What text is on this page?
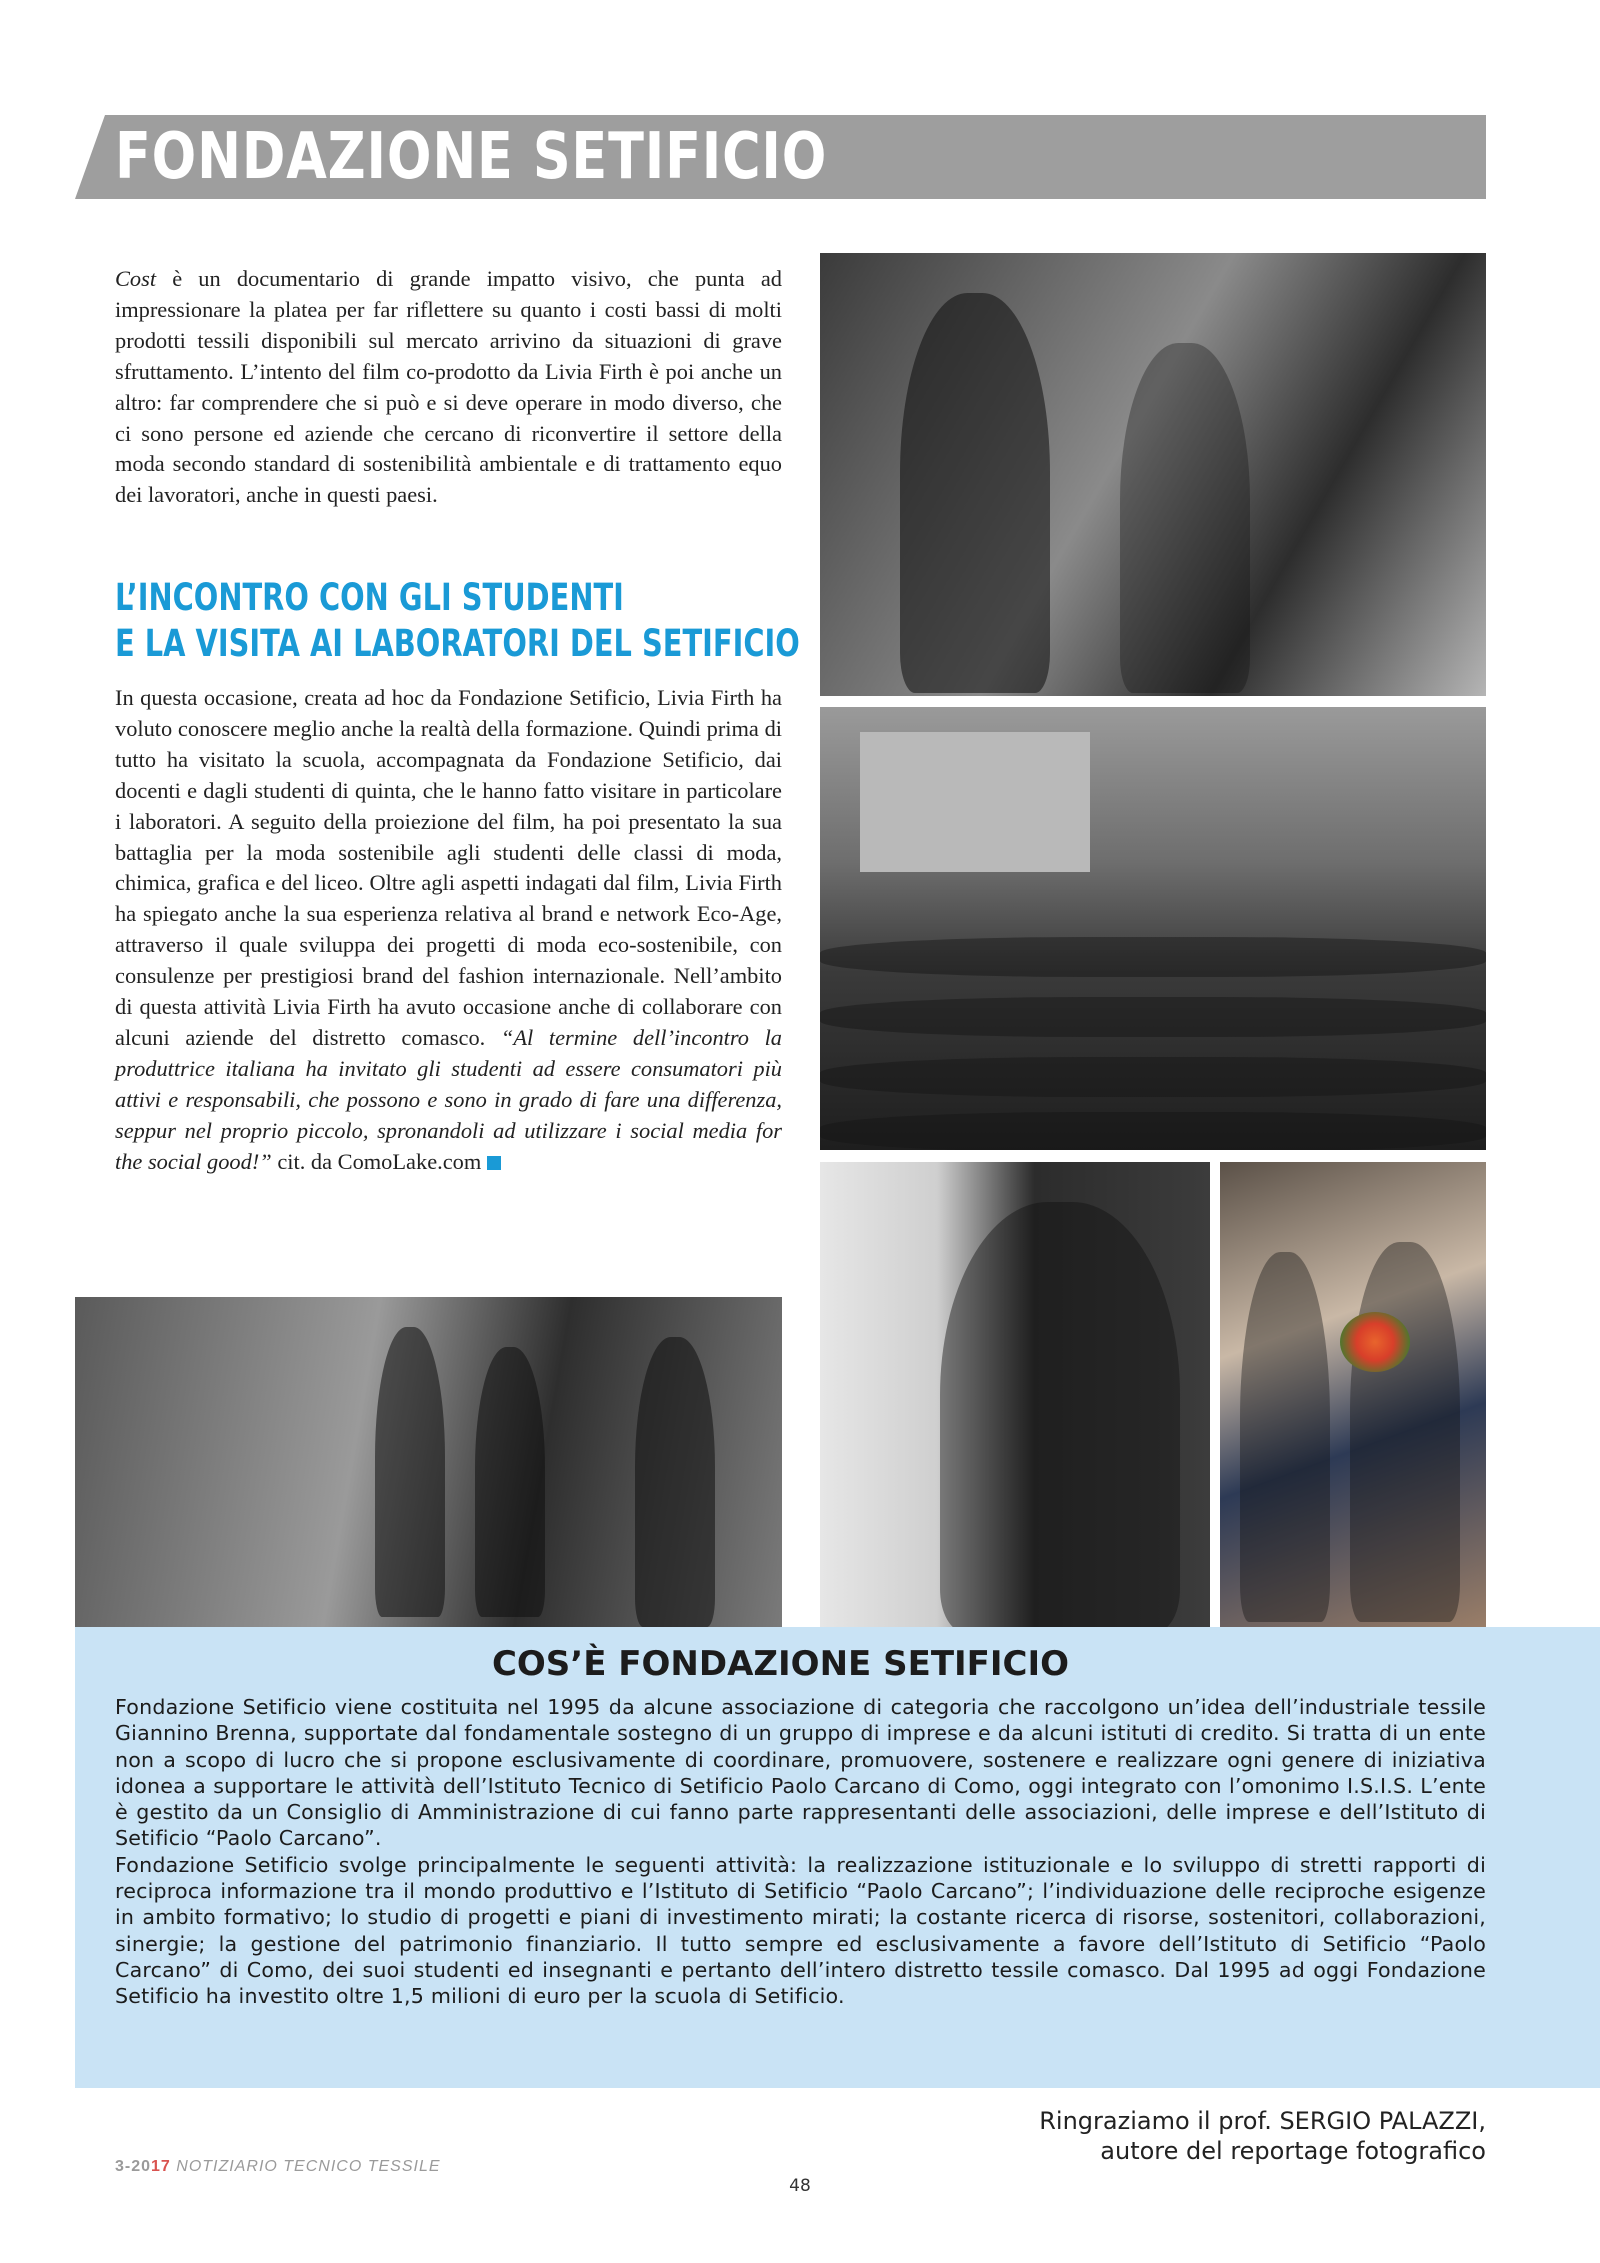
FONDAZIONE SETIFICIO

Cost è un documentario di grande impatto visivo, che punta ad impressionare la platea per far riflettere su quanto i costi bassi di molti prodotti tessili disponibili sul mercato arrivino da situazioni di grave sfruttamento. L’intento del film co-prodotto da Livia Firth è poi anche un altro: far comprendere che si può e si deve operare in modo diverso, che ci sono persone ed aziende che cercano di riconvertire il settore della moda secondo standard di sostenibilità ambientale e di trattamento equo dei lavoratori, anche in questi paesi.

L’INCONTRO CON GLI STUDENTI
E LA VISITA AI LABORATORI DEL SETIFICIO

In questa occasione, creata ad hoc da Fondazione Setificio, Livia Firth ha voluto conoscere meglio anche la realtà della formazione. Quindi prima di tutto ha visitato la scuola, accompagnata da Fondazione Setificio, dai docenti e dagli studenti di quinta, che le hanno fatto visitare in particolare i laboratori. A seguito della proiezione del film, ha poi presentato la sua battaglia per la moda sostenibile agli studenti delle classi di moda, chimica, grafica e del liceo. Oltre agli aspetti indagati dal film, Livia Firth ha spiegato anche la sua esperienza relativa al brand e network Eco-Age, attraverso il quale sviluppa dei progetti di moda eco-sostenibile, con consulenze per prestigiosi brand del fashion internazionale. Nell’ambito di questa attività Livia Firth ha avuto occasione anche di collaborare con alcuni aziende del distretto comasco. “Al termine dell’incontro la produttrice italiana ha invitato gli studenti ad essere consumatori più attivi e responsabili, che possono e sono in grado di fare una differenza, seppur nel proprio piccolo, spronandoli ad utilizzare i social media for the social good!” cit. da ComoLake.com

COS’È FONDAZIONE SETIFICIO

Fondazione Setificio viene costituita nel 1995 da alcune associazione di categoria che raccolgono un’idea dell’industriale tessile Giannino Brenna, supportate dal fondamentale sostegno di un gruppo di imprese e da alcuni istituti di credito. Si tratta di un ente non a scopo di lucro che si propone esclusivamente di coordinare, promuovere, sostenere e realizzare ogni genere di iniziativa idonea a supportare le attività dell’Istituto Tecnico di Setificio Paolo Carcano di Como, oggi integrato con l’omonimo I.S.I.S. L’ente è gestito da un Consiglio di Amministrazione di cui fanno parte rappresentanti delle associazioni, delle imprese e dell’Istituto di Setificio “Paolo Carcano”.

Fondazione Setificio svolge principalmente le seguenti attività: la realizzazione istituzionale e lo sviluppo di stretti rapporti di reciproca informazione tra il mondo produttivo e l’Istituto di Setificio “Paolo Carcano”; l’individuazione delle reciproche esigenze in ambito formativo; lo studio di progetti e piani di investimento mirati; la costante ricerca di risorse, sostenitori, collaborazioni, sinergie; la gestione del patrimonio finanziario. Il tutto sempre ed esclusivamente a favore dell’Istituto di Setificio “Paolo Carcano” di Como, dei suoi studenti ed insegnanti e pertanto dell’intero distretto tessile comasco. Dal 1995 ad oggi Fondazione Setificio ha investito oltre 1,5 milioni di euro per la scuola di Setificio.

Ringraziamo il prof. SERGIO PALAZZI,
autore del reportage fotografico
3-2017 NOTIZIARIO TECNICO TESSILE
48
